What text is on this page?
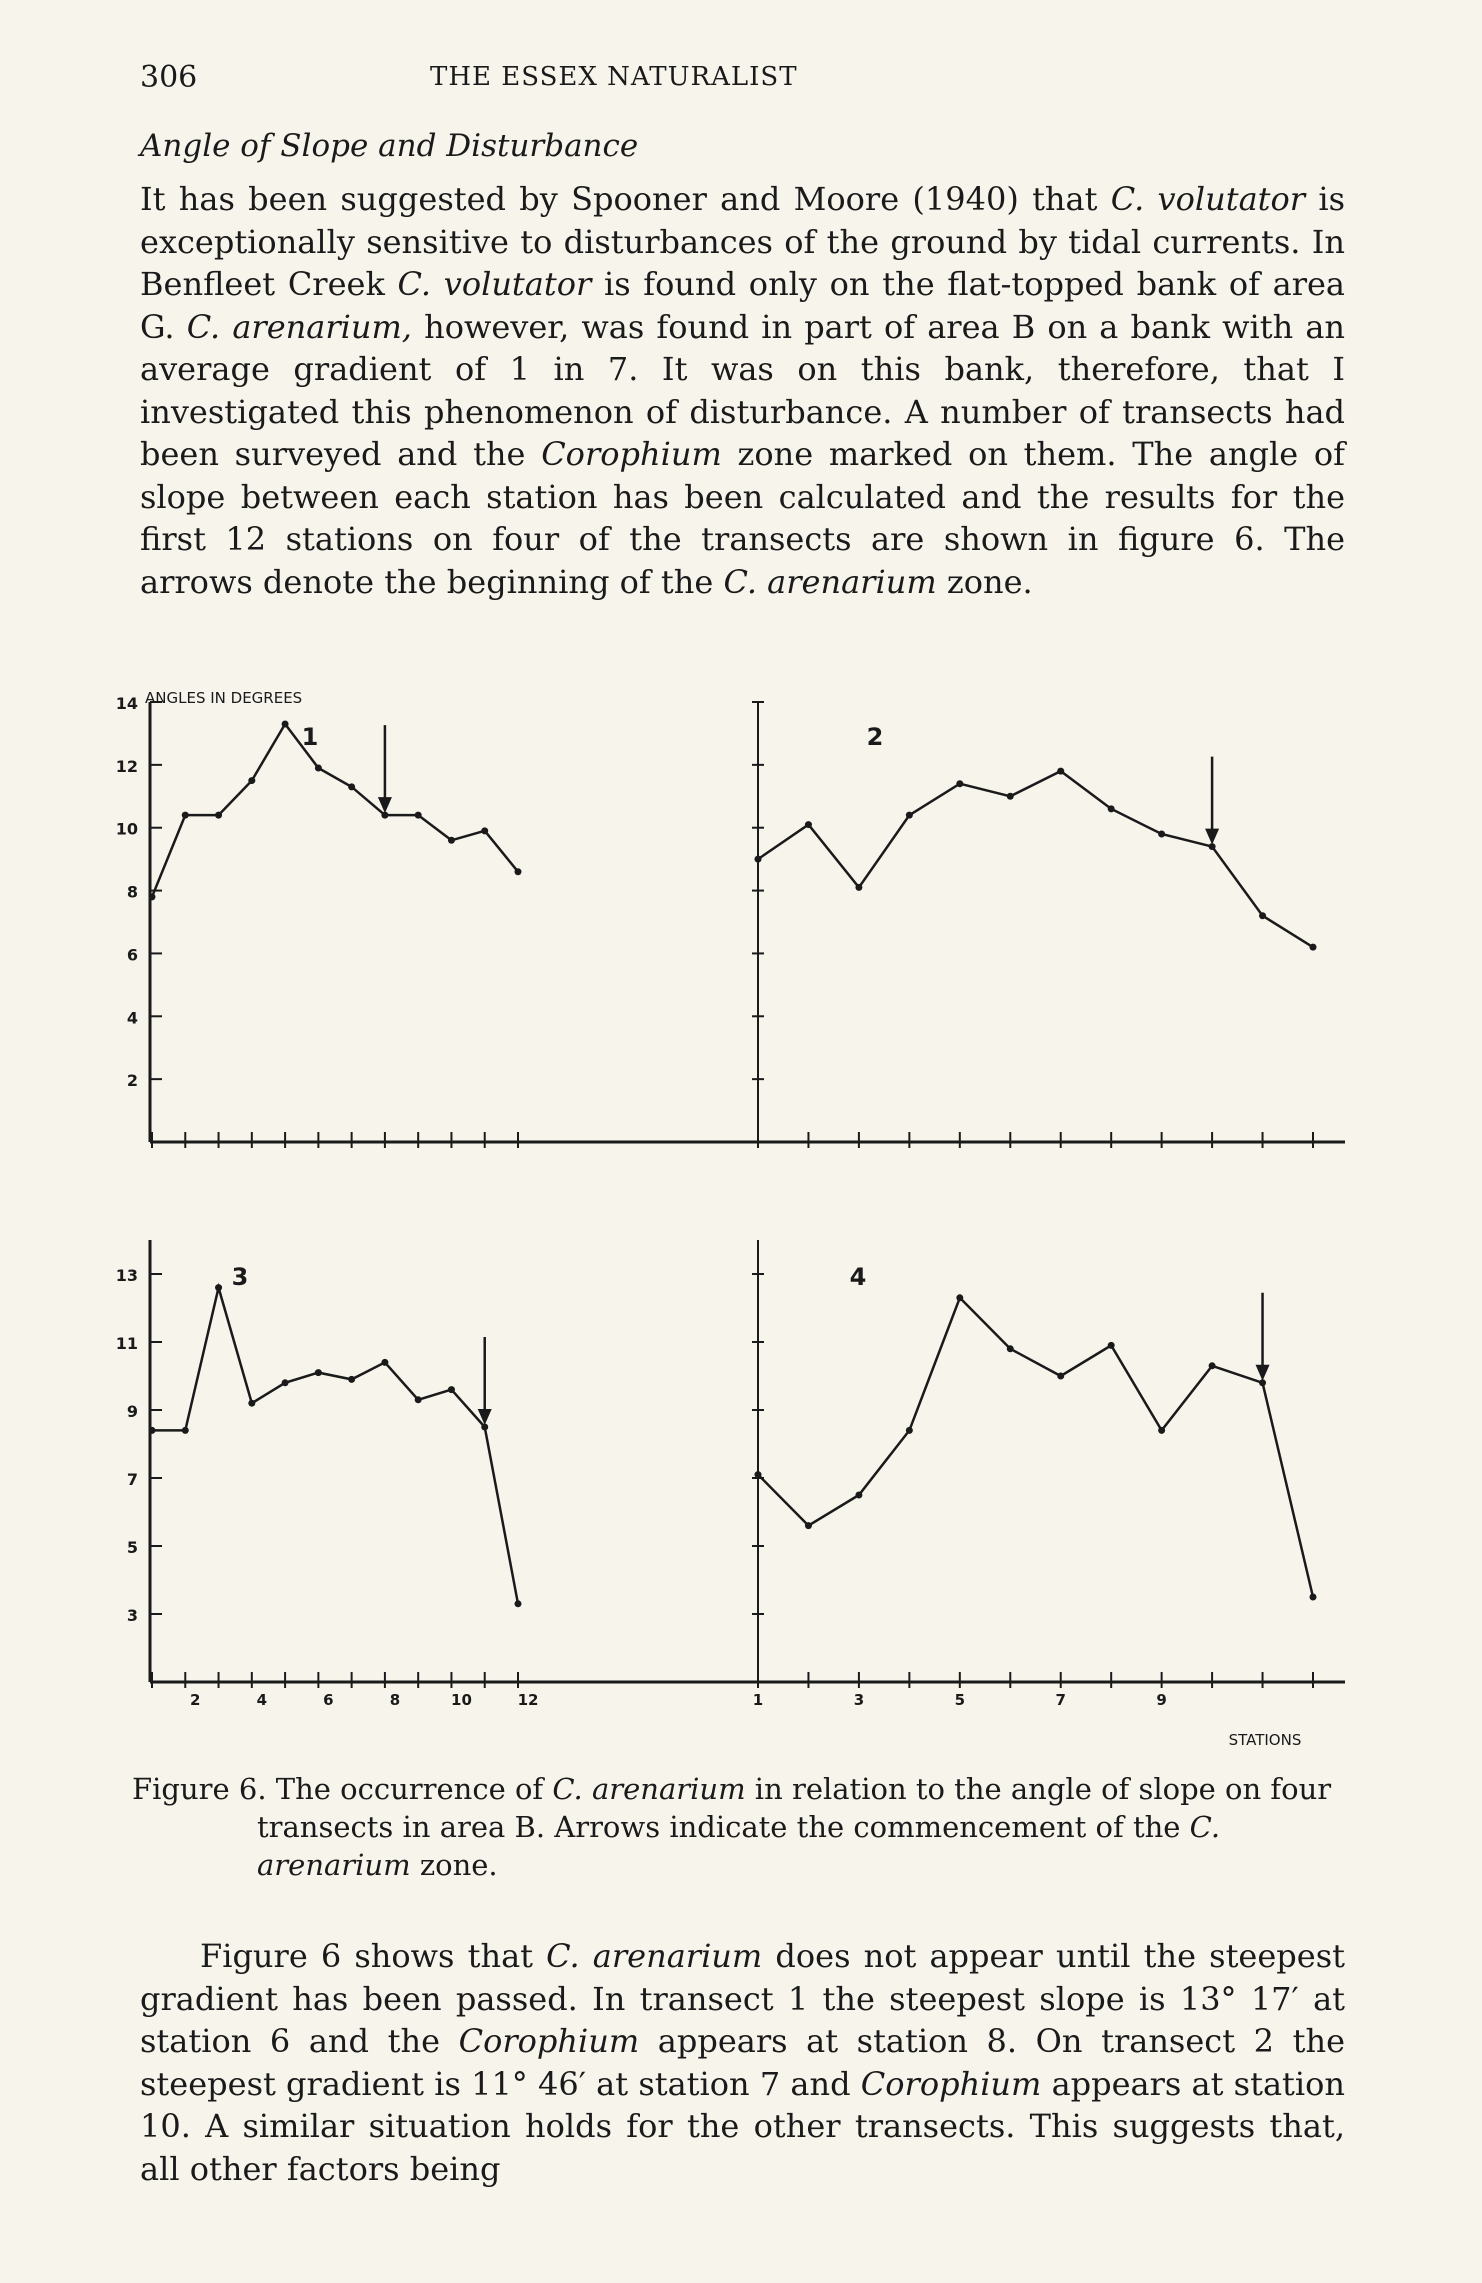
306	THE ESSEX NATURALIST
Angle of Slope and Disturbance

It has been suggested by Spooner and Moore (1940) that C. volutator is exceptionally sensitive to disturbances of the ground by tidal currents. In Benfleet Creek C. volutator is found only on the flat-topped bank of area G. C. arenarium, however, was found in part of area B on a bank with an average gradient of 1 in 7. It was on this bank, therefore, that I investigated this phenomenon of disturbance. A number of transects had been surveyed and the Corophium zone marked on them. The angle of slope between each station has been calculated and the results for the first 12 stations on four of the transects are shown in figure 6. The arrows denote the beginning of the C. arenarium zone.

ANGLES IN DEGREES
STATIONS
14
12
10
8
6
4
2
13
11
9
7
5
3
2	4	6	8	10	12	1	3	5	7	9
1	2
3	4

Figure 6. The occurrence of C. arenarium in relation to the angle of slope on four transects in area B. Arrows indicate the commencement of the C. arenarium zone.

Figure 6 shows that C. arenarium does not appear until the steepest gradient has been passed. In transect 1 the steepest slope is 13° 17′ at station 6 and the Corophium appears at station 8. On transect 2 the steepest gradient is 11° 46′ at station 7 and Corophium appears at station 10. A similar situation holds for the other transects. This suggests that, all other factors being
